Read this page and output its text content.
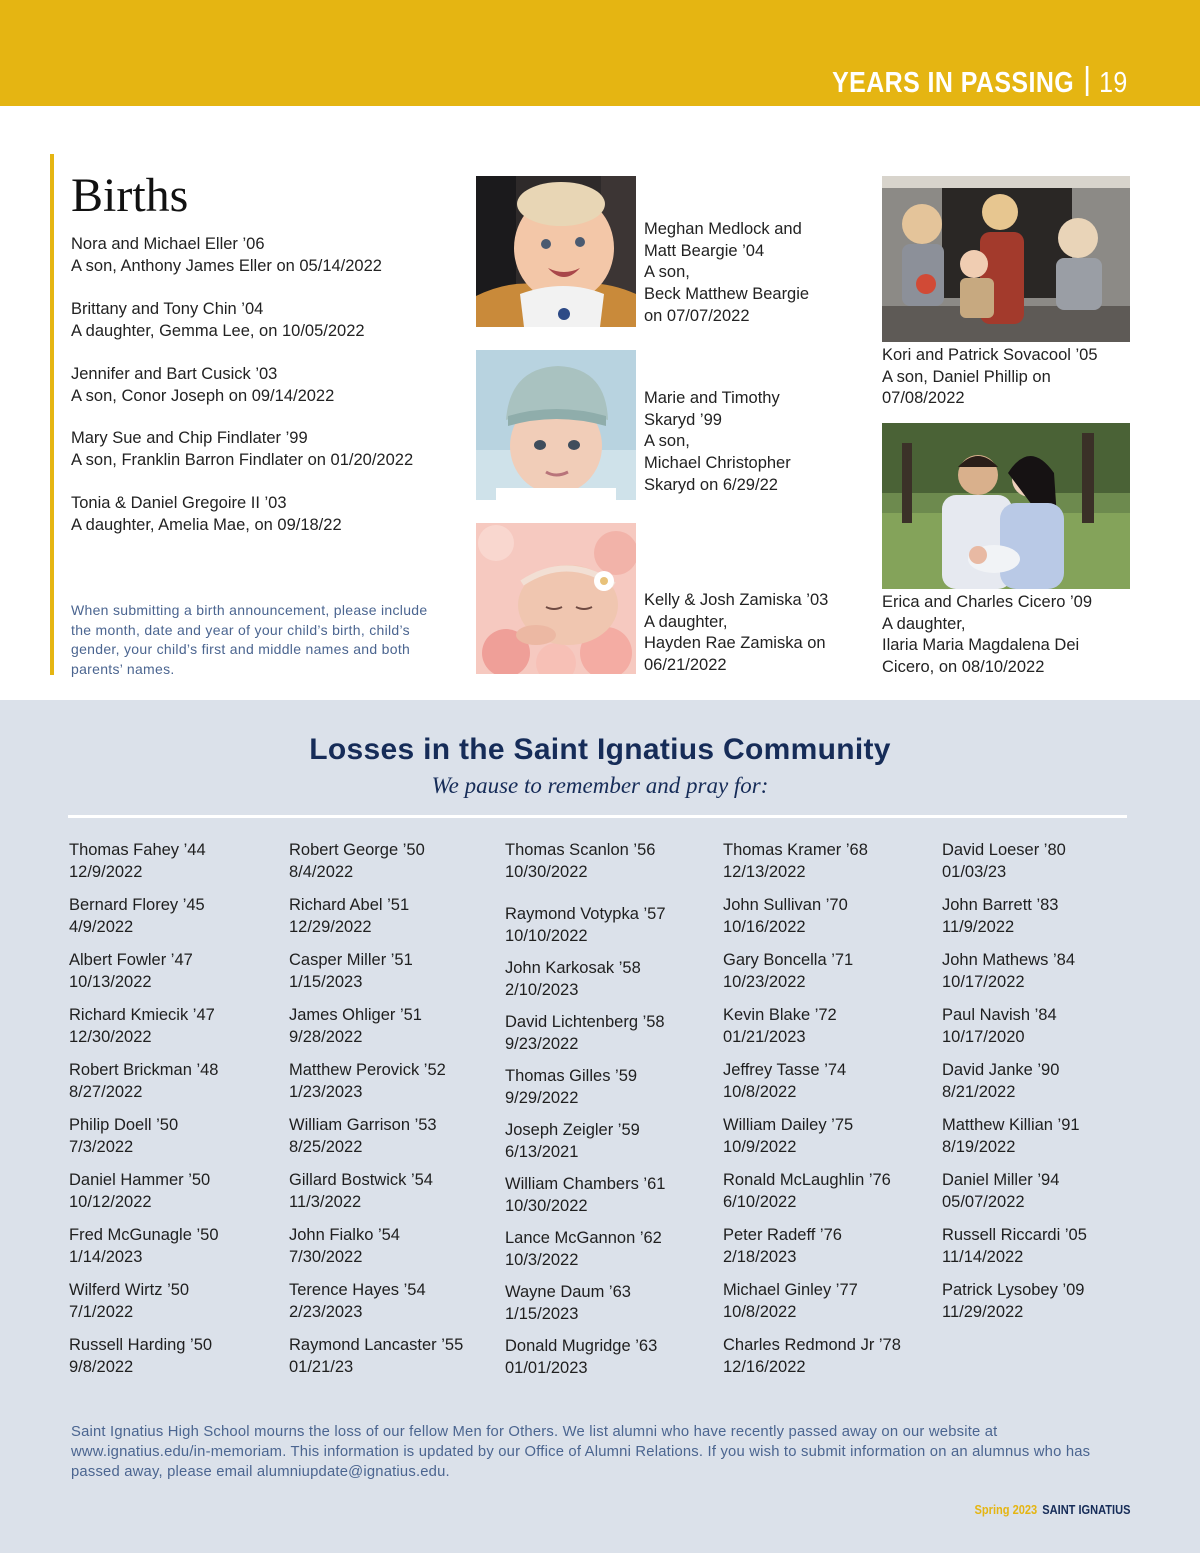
YEARS IN PASSING 19
Births
Nora and Michael Eller ’06
A son, Anthony James Eller on 05/14/2022
Brittany and Tony Chin ’04
A daughter, Gemma Lee, on 10/05/2022
Jennifer and Bart Cusick ’03
A son, Conor Joseph on 09/14/2022
Mary Sue and Chip Findlater ’99
A son, Franklin Barron Findlater on 01/20/2022
Tonia & Daniel Gregoire II ’03
A daughter, Amelia Mae, on 09/18/22
When submitting a birth announcement, please include the month, date and year of your child’s birth, child’s gender, your child’s first and middle names and both parents’ names.
Meghan Medlock and
Matt Beargie ’04
A son,
Beck Matthew Beargie
on 07/07/2022
Marie and Timothy
Skaryd ’99
A son,
Michael Christopher
Skaryd on 6/29/22
Kelly & Josh Zamiska ’03
A daughter,
Hayden Rae Zamiska on
06/21/2022
Kori and Patrick Sovacool ’05
A son, Daniel Phillip on
07/08/2022
Erica and Charles Cicero ’09
A daughter,
Ilaria Maria Magdalena Dei
Cicero, on 08/10/2022
Losses in the Saint Ignatius Community
We pause to remember and pray for:
Thomas Fahey ’44
12/9/2022
Bernard Florey ’45
4/9/2022
Albert Fowler ’47
10/13/2022
Richard Kmiecik ’47
12/30/2022
Robert Brickman ’48
8/27/2022
Philip Doell ’50
7/3/2022
Daniel Hammer ’50
10/12/2022
Fred McGunagle ’50
1/14/2023
Wilferd Wirtz ’50
7/1/2022
Russell Harding ’50
9/8/2022
Robert George ’50
8/4/2022
Richard Abel ’51
12/29/2022
Casper Miller ’51
1/15/2023
James Ohliger ’51
9/28/2022
Matthew Perovick ’52
1/23/2023
William Garrison ’53
8/25/2022
Gillard Bostwick ’54
11/3/2022
John Fialko ’54
7/30/2022
Terence Hayes ’54
2/23/2023
Raymond Lancaster ’55
01/21/23
Thomas Scanlon ’56
10/30/2022
Raymond Votypka ’57
10/10/2022
John Karkosak ’58
2/10/2023
David Lichtenberg ’58
9/23/2022
Thomas Gilles ’59
9/29/2022
Joseph Zeigler ’59
6/13/2021
William Chambers ’61
10/30/2022
Lance McGannon ’62
10/3/2022
Wayne Daum ’63
1/15/2023
Donald Mugridge ’63
01/01/2023
Thomas Kramer ’68
12/13/2022
John Sullivan ’70
10/16/2022
Gary Boncella ’71
10/23/2022
Kevin Blake ’72
01/21/2023
Jeffrey Tasse ’74
10/8/2022
William Dailey ’75
10/9/2022
Ronald McLaughlin ’76
6/10/2022
Peter Radeff ’76
2/18/2023
Michael Ginley ’77
10/8/2022
Charles Redmond Jr ’78
12/16/2022
David Loeser ’80
01/03/23
John Barrett ’83
11/9/2022
John Mathews ’84
10/17/2022
Paul Navish ’84
10/17/2020
David Janke ’90
8/21/2022
Matthew Killian ’91
8/19/2022
Daniel Miller ’94
05/07/2022
Russell Riccardi ’05
11/14/2022
Patrick Lysobey ’09
11/29/2022
Saint Ignatius High School mourns the loss of our fellow Men for Others. We list alumni who have recently passed away on our website at www.ignatius.edu/in-memoriam. This information is updated by our Office of Alumni Relations. If you wish to submit information on an alumnus who has passed away, please email alumniupdate@ignatius.edu.
Spring 2023 SAINT IGNATIUS
